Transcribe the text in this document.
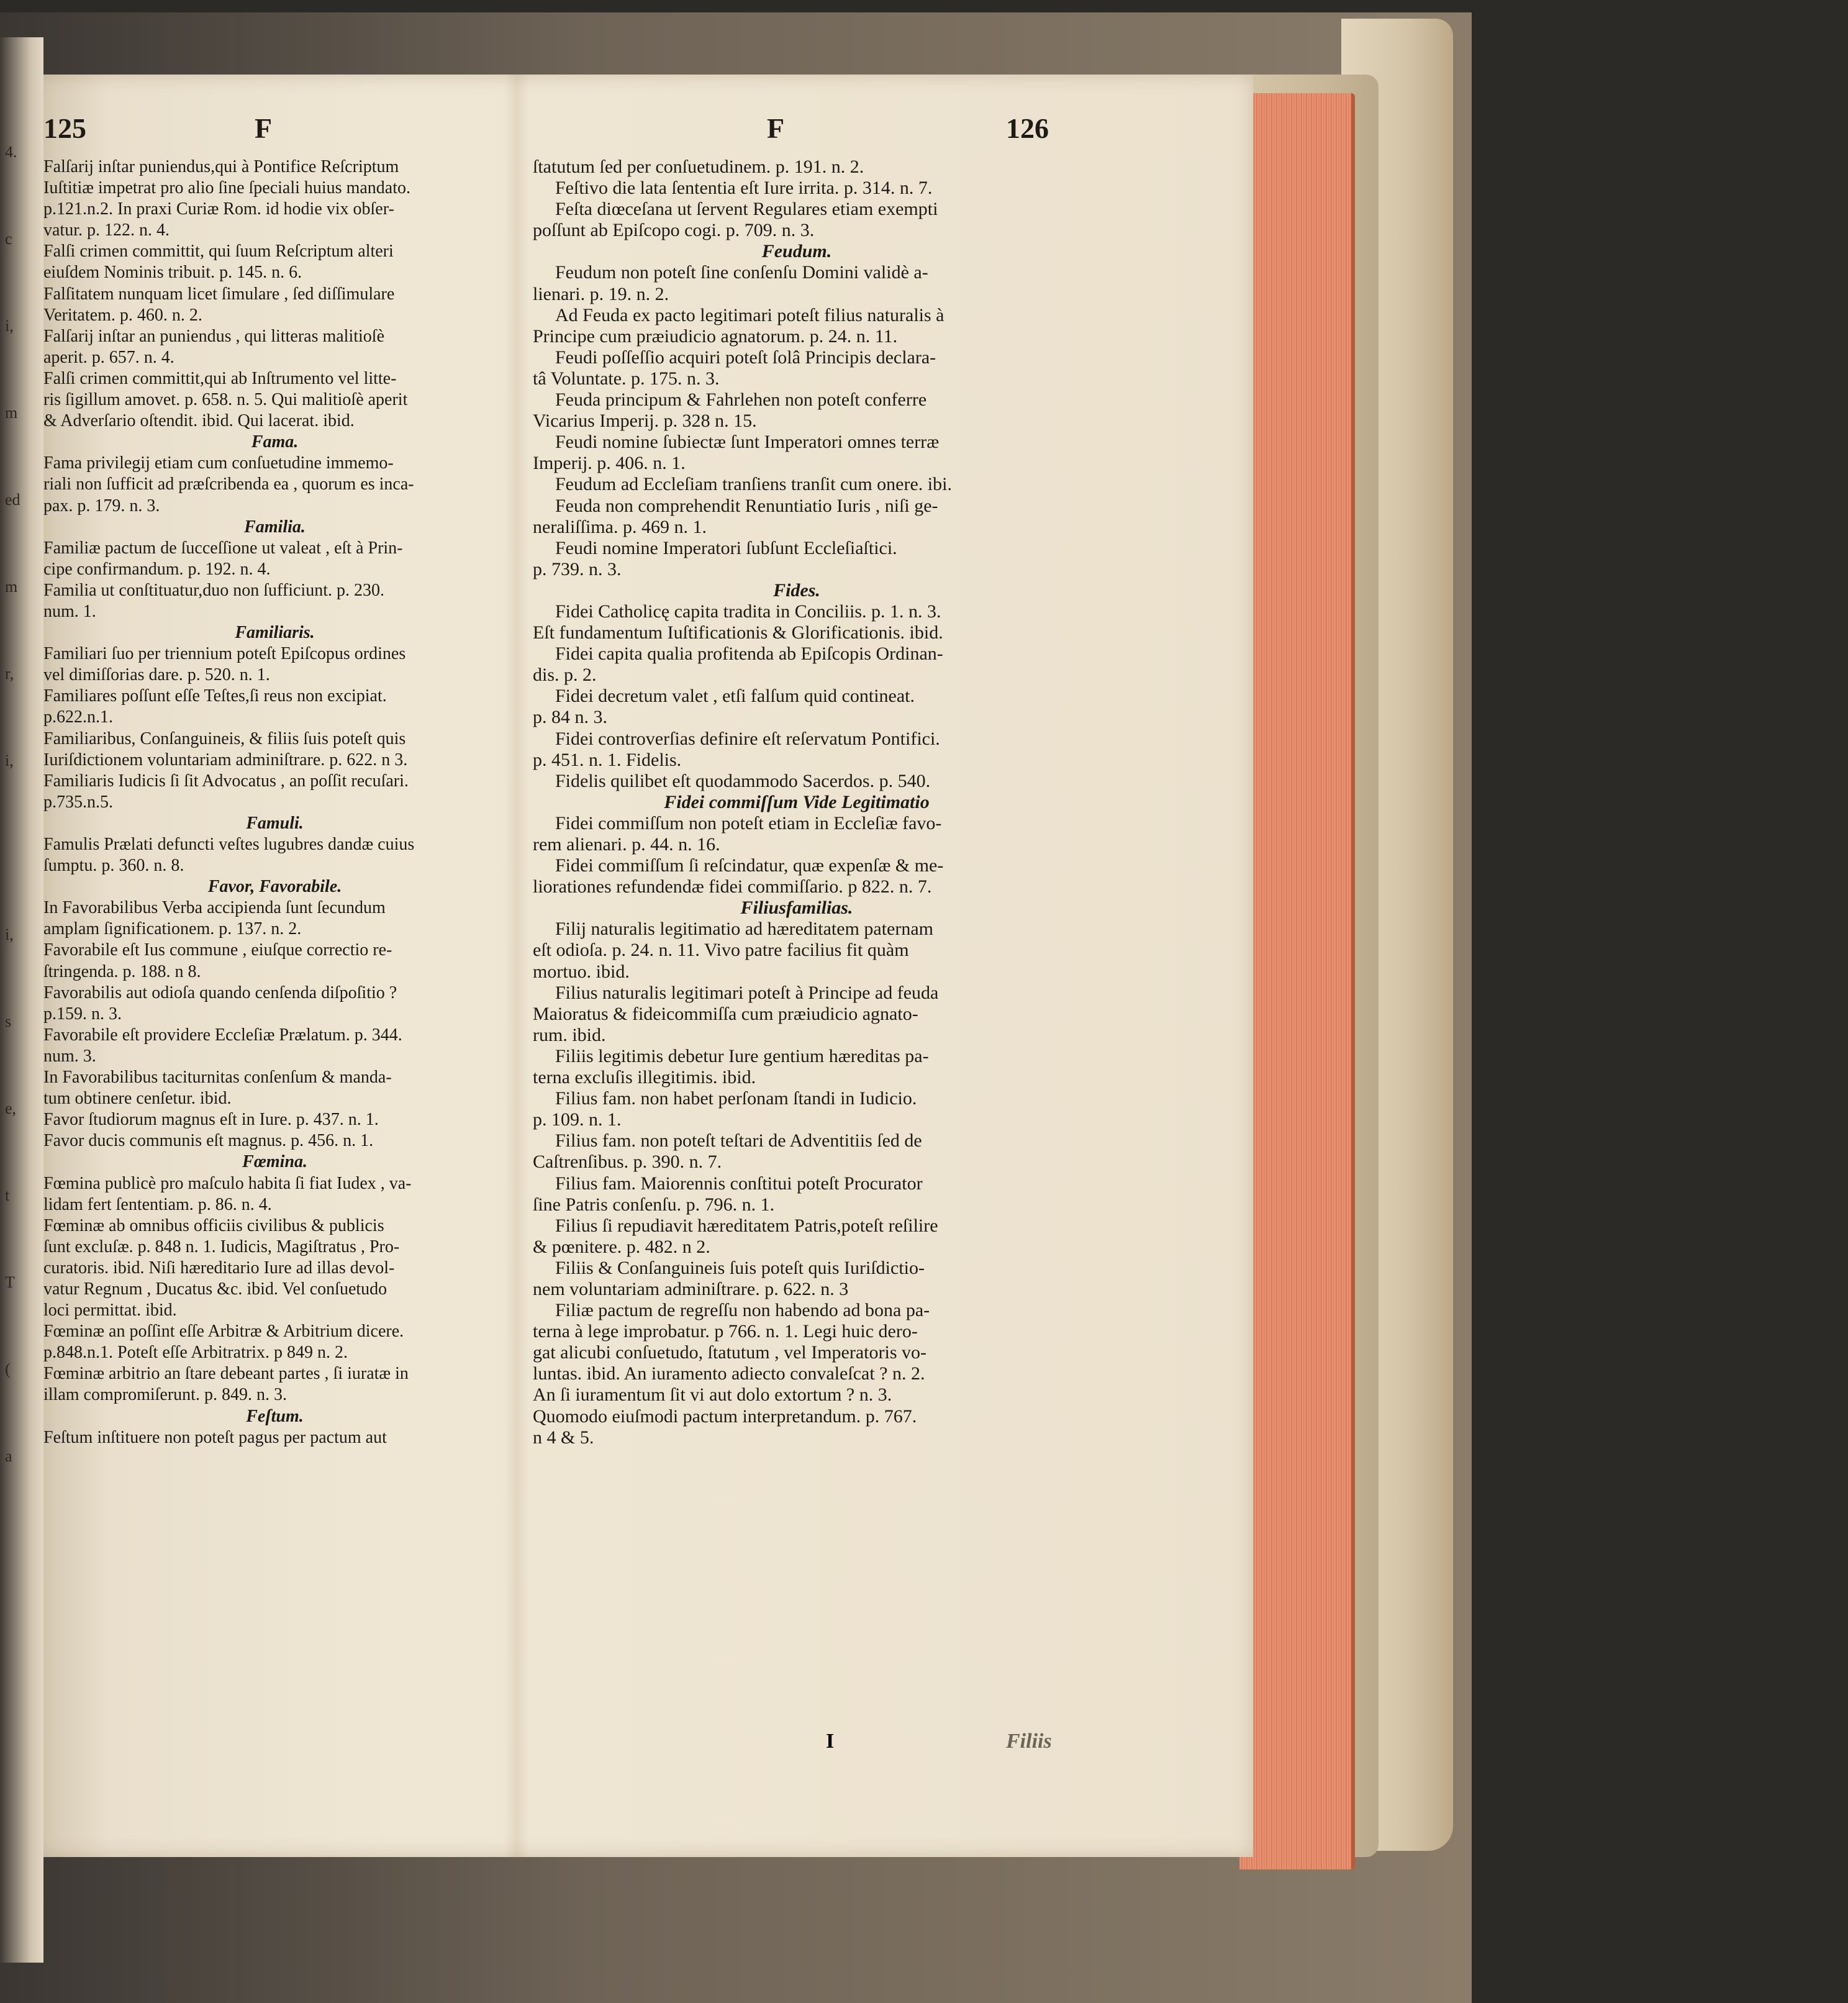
4.
c
i,
m
ed
m
r,
i,
i,
s
e,
t
T
(
a
125	F	F	126
Falſarij inſtar puniendus,qui à Pontifice Reſcriptum
Iuſtitiæ impetrat pro alio ſine ſpeciali huius mandato.
p.121.n.2. In praxi Curiæ Rom. id hodie vix obſer-
vatur. p. 122. n. 4.
Falſi crimen committit, qui ſuum Reſcriptum alteri
eiuſdem Nominis tribuit. p. 145. n. 6.
Falſitatem nunquam licet ſimulare , ſed diſſimulare
Veritatem. p. 460. n. 2.
Falſarij inſtar an puniendus , qui litteras malitioſè
aperit. p. 657. n. 4.
Falſi crimen committit,qui ab Inſtrumento vel litte-
ris ſigillum amovet. p. 658. n. 5. Qui malitioſè aperit
& Adverſario oſtendit. ibid. Qui lacerat. ibid.
Fama.
Fama privilegij etiam cum conſuetudine immemo-
riali non ſufficit ad præſcribenda ea , quorum es inca-
pax. p. 179. n. 3.
Familia.
Familiæ pactum de ſucceſſione ut valeat , eſt à Prin-
cipe confirmandum. p. 192. n. 4.
Familia ut conſtituatur,duo non ſufficiunt. p. 230.
num. 1.
Familiaris.
Familiari ſuo per triennium poteſt Epiſcopus ordines
vel dimiſſorias dare. p. 520. n. 1.
Familiares poſſunt eſſe Teſtes,ſi reus non excipiat.
p.622.n.1.
Familiaribus, Conſanguineis, & filiis ſuis poteſt quis
Iuriſdictionem voluntariam adminiſtrare. p. 622. n 3.
Familiaris Iudicis ſi ſit Advocatus , an poſſit recuſari.
p.735.n.5.
Famuli.
Famulis Prælati defuncti veſtes lugubres dandæ cuius
ſumptu. p. 360. n. 8.
Favor, Favorabile.
In Favorabilibus Verba accipienda ſunt ſecundum
amplam ſignificationem. p. 137. n. 2.
Favorabile eſt Ius commune , eiuſque correctio re-
ſtringenda. p. 188. n 8.
Favorabilis aut odioſa quando cenſenda diſpoſitio ?
p.159. n. 3.
Favorabile eſt providere Eccleſiæ Prælatum. p. 344.
num. 3.
In Favorabilibus taciturnitas conſenſum & manda-
tum obtinere cenſetur. ibid.
Favor ſtudiorum magnus eſt in Iure. p. 437. n. 1.
Favor ducis communis eſt magnus. p. 456. n. 1.
Fœmina.
Fœmina publicè pro maſculo habita ſi fiat Iudex , va-
lidam fert ſententiam. p. 86. n. 4.
Fœminæ ab omnibus officiis civilibus & publicis
ſunt excluſæ. p. 848 n. 1. Iudicis, Magiſtratus , Pro-
curatoris. ibid. Niſi hæreditario Iure ad illas devol-
vatur Regnum , Ducatus &c. ibid. Vel conſuetudo
loci permittat. ibid.
Fœminæ an poſſint eſſe Arbitræ & Arbitrium dicere.
p.848.n.1. Poteſt eſſe Arbitratrix. p 849 n. 2.
Fœminæ arbitrio an ſtare debeant partes , ſi iuratæ in
illam compromiſerunt. p. 849. n. 3.
Feſtum.
Feſtum inſtituere non poteſt pagus per pactum aut
ſtatutum ſed per conſuetudinem. p. 191. n. 2.
Feſtivo die lata ſententia eſt Iure irrita. p. 314. n. 7.
Feſta diœceſana ut ſervent Regulares etiam exempti
poſſunt ab Epiſcopo cogi. p. 709. n. 3.
Feudum.
Feudum non poteſt ſine conſenſu Domini validè a-
lienari. p. 19. n. 2.
Ad Feuda ex pacto legitimari poteſt filius naturalis à
Principe cum præiudicio agnatorum. p. 24. n. 11.
Feudi poſſeſſio acquiri poteſt ſolâ Principis declara-
tâ Voluntate. p. 175. n. 3.
Feuda principum & Fahrlehen non poteſt conferre
Vicarius Imperij. p. 328 n. 15.
Feudi nomine ſubiectæ ſunt Imperatori omnes terræ
Imperij. p. 406. n. 1.
Feudum ad Eccleſiam tranſiens tranſit cum onere. ibi.
Feuda non comprehendit Renuntiatio Iuris , niſi ge-
neraliſſima. p. 469 n. 1.
Feudi nomine Imperatori ſubſunt Eccleſiaſtici.
p. 739. n. 3.
Fides.
Fidei Catholicę capita tradita in Conciliis. p. 1. n. 3.
Eſt fundamentum Iuſtificationis & Glorificationis. ibid.
Fidei capita qualia profitenda ab Epiſcopis Ordinan-
dis. p. 2.
Fidei decretum valet , etſi falſum quid contineat.
p. 84 n. 3.
Fidei controverſias definire eſt reſervatum Pontifici.
p. 451. n. 1. Fidelis.
Fidelis quilibet eſt quodammodo Sacerdos. p. 540.
Fidei commiſſum Vide Legitimatio
Fidei commiſſum non poteſt etiam in Eccleſiæ favo-
rem alienari. p. 44. n. 16.
Fidei commiſſum ſi reſcindatur, quæ expenſæ & me-
liorationes refundendæ fidei commiſſario. p 822. n. 7.
Filiusfamilias.
Filij naturalis legitimatio ad hæreditatem paternam
eſt odioſa. p. 24. n. 11. Vivo patre facilius fit quàm
mortuo. ibid.
Filius naturalis legitimari poteſt à Principe ad feuda
Maioratus & fideicommiſſa cum præiudicio agnato-
rum. ibid.
Filiis legitimis debetur Iure gentium hæreditas pa-
terna excluſis illegitimis. ibid.
Filius fam. non habet perſonam ſtandi in Iudicio.
p. 109. n. 1.
Filius fam. non poteſt teſtari de Adventitiis ſed de
Caſtrenſibus. p. 390. n. 7.
Filius fam. Maiorennis conſtitui poteſt Procurator
ſine Patris conſenſu. p. 796. n. 1.
Filius ſi repudiavit hæreditatem Patris,poteſt reſilire
& pœnitere. p. 482. n 2.
Filiis & Conſanguineis ſuis poteſt quis Iuriſdictio-
nem voluntariam adminiſtrare. p. 622. n. 3
Filiæ pactum de regreſſu non habendo ad bona pa-
terna à lege improbatur. p 766. n. 1. Legi huic dero-
gat alicubi conſuetudo, ſtatutum , vel Imperatoris vo-
luntas. ibid. An iuramento adiecto convaleſcat ? n. 2.
An ſi iuramentum ſit vi aut dolo extortum ? n. 3.
Quomodo eiuſmodi pactum interpretandum. p. 767.
n 4 & 5.
I	Filiis
